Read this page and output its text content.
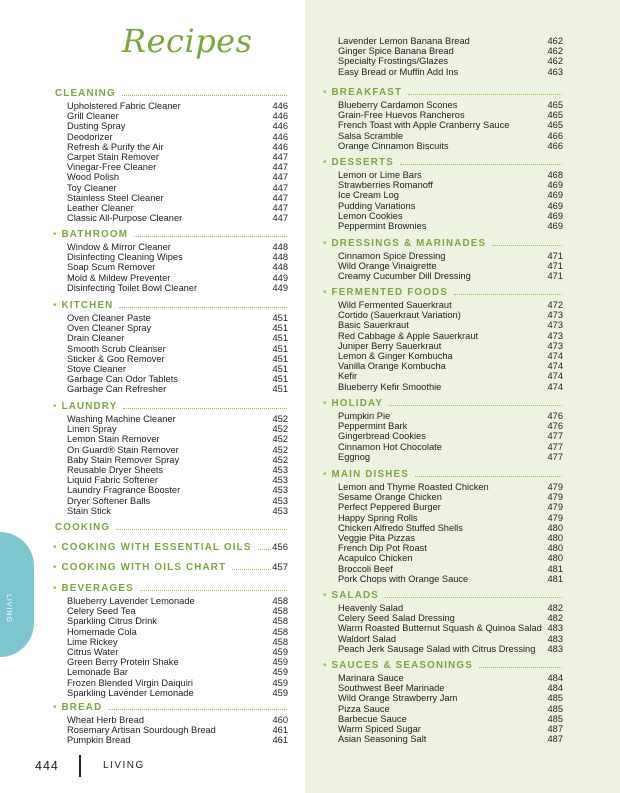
Recipes
CLEANING
Upholstered Fabric Cleaner	446
Grill Cleaner	446
Dusting Spray	446
Deodorizer	446
Refresh & Purify the Air	446
Carpet Stain Remover	447
Vinegar-Free Cleaner	447
Wood Polish	447
Toy Cleaner	447
Stainless Steel Cleaner	447
Leather Cleaner	447
Classic All-Purpose Cleaner	447
• BATHROOM
Window & Mirror Cleaner	448
Disinfecting Cleaning Wipes	448
Soap Scum Remover	448
Mold & Mildew Preventer	449
Disinfecting Toilet Bowl Cleaner	449
• KITCHEN
Oven Cleaner Paste	451
Oven Cleaner Spray	451
Drain Cleaner	451
Smooth Scrub Cleanser	451
Sticker & Goo Remover	451
Stove Cleaner	451
Garbage Can Odor Tablets	451
Garbage Can Refresher	451
• LAUNDRY
Washing Machine Cleaner	452
Linen Spray	452
Lemon Stain Remover	452
On Guard® Stain Remover	452
Baby Stain Remover Spray	452
Reusable Dryer Sheets	453
Liquid Fabric Softener	453
Laundry Fragrance Booster	453
Dryer Softener Balls	453
Stain Stick	453
COOKING
• COOKING WITH ESSENTIAL OILS 456
• COOKING WITH OILS CHART	457
• BEVERAGES
Blueberry Lavender Lemonade	458
Celery Seed Tea	458
Sparkling Citrus Drink	458
Homemade Cola	458
Lime Rickey	458
Citrus Water	459
Green Berry Protein Shake	459
Lemonade Bar	459
Frozen Blended Virgin Daiquiri	459
Sparkling Lavender Lemonade	459
• BREAD
Wheat Herb Bread	460
Rosemary Artisan Sourdough Bread	461
Pumpkin Bread	461
Lavender Lemon Banana Bread	462
Ginger Spice Banana Bread	462
Specialty Frostings/Glazes	462
Easy Bread or Muffin Add Ins	463
• BREAKFAST
Blueberry Cardamon Scones	465
Grain-Free Huevos Rancheros	465
French Toast with Apple Cranberry Sauce	465
Salsa Scramble	466
Orange Cinnamon Biscuits	466
• DESSERTS
Lemon or Lime Bars	468
Strawberries Romanoff	469
Ice Cream Log	469
Pudding Variations	469
Lemon Cookies	469
Peppermint Brownies	469
• DRESSINGS & MARINADES
Cinnamon Spice Dressing	471
Wild Orange Vinaigrette	471
Creamy Cucumber Dill Dressing	471
• FERMENTED FOODS
Wild Fermented Sauerkraut	472
Cortido (Sauerkraut Variation)	473
Basic Sauerkraut	473
Red Cabbage & Apple Sauerkraut	473
Juniper Berry Sauerkraut	473
Lemon & Ginger Kombucha	474
Vanilla Orange Kombucha	474
Kefir	474
Blueberry Kefir Smoothie	474
• HOLIDAY
Pumpkin Pie	476
Peppermint Bark	476
Gingerbread Cookies	477
Cinnamon Hot Chocolate	477
Eggnog	477
• MAIN DISHES
Lemon and Thyme Roasted Chicken	479
Sesame Orange Chicken	479
Perfect Peppered Burger	479
Happy Spring Rolls	479
Chicken Alfredo Stuffed Shells	480
Veggie Pita Pizzas	480
French Dip Pot Roast	480
Acapulco Chicken	480
Broccoli Beef	481
Pork Chops with Orange Sauce	481
• SALADS
Heavenly Salad	482
Celery Seed Salad Dressing	482
Warm Roasted Butternut Squash & Quinoa Salad 483
Waldorf Salad	483
Peach Jerk Sausage Salad with Citrus Dressing	483
• SAUCES & SEASONINGS
Marinara Sauce	484
Southwest Beef Marinade	484
Wild Orange Strawberry Jam	485
Pizza Sauce	485
Barbecue Sauce	485
Warm Spiced Sugar	487
Asian Seasoning Salt	487
LIVING
444	LIVING
